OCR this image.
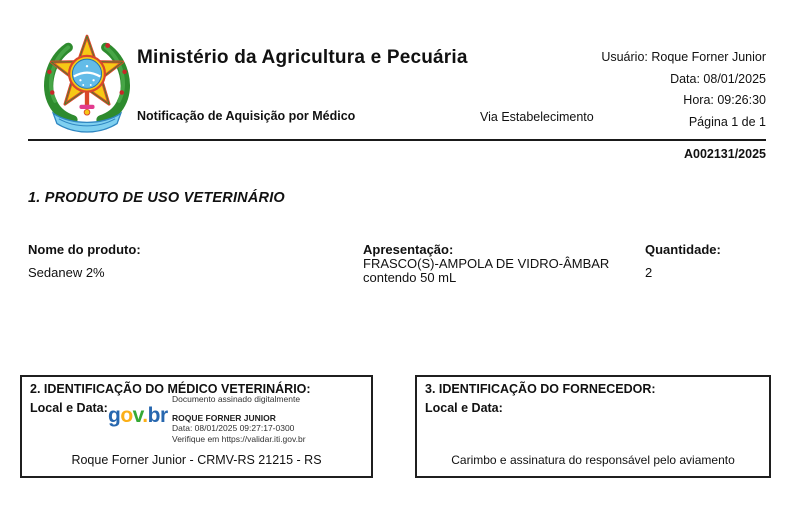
Ministério da Agricultura e Pecuária
Notificação de Aquisição por Médico	Via Estabelecimento
Usuário: Roque Forner Junior
Data: 08/01/2025
Hora: 09:26:30
Página 1 de 1
A002131/2025
1. PRODUTO DE USO VETERINÁRIO
Nome do produto:
Sedanew 2%
Apresentação:
FRASCO(S)-AMPOLA DE VIDRO-ÂMBAR contendo 50 mL
Quantidade:
2
2. IDENTIFICAÇÃO DO MÉDICO VETERINÁRIO:
Local e Data: gov.br
Documento assinado digitalmente
ROQUE FORNER JUNIOR
Data: 08/01/2025 09:27:17-0300
Verifique em https://validar.iti.gov.br
Roque Forner Junior - CRMV-RS 21215 - RS
3. IDENTIFICAÇÃO DO FORNECEDOR:
Local e Data:
Carimbo e assinatura do responsável pelo aviamento
